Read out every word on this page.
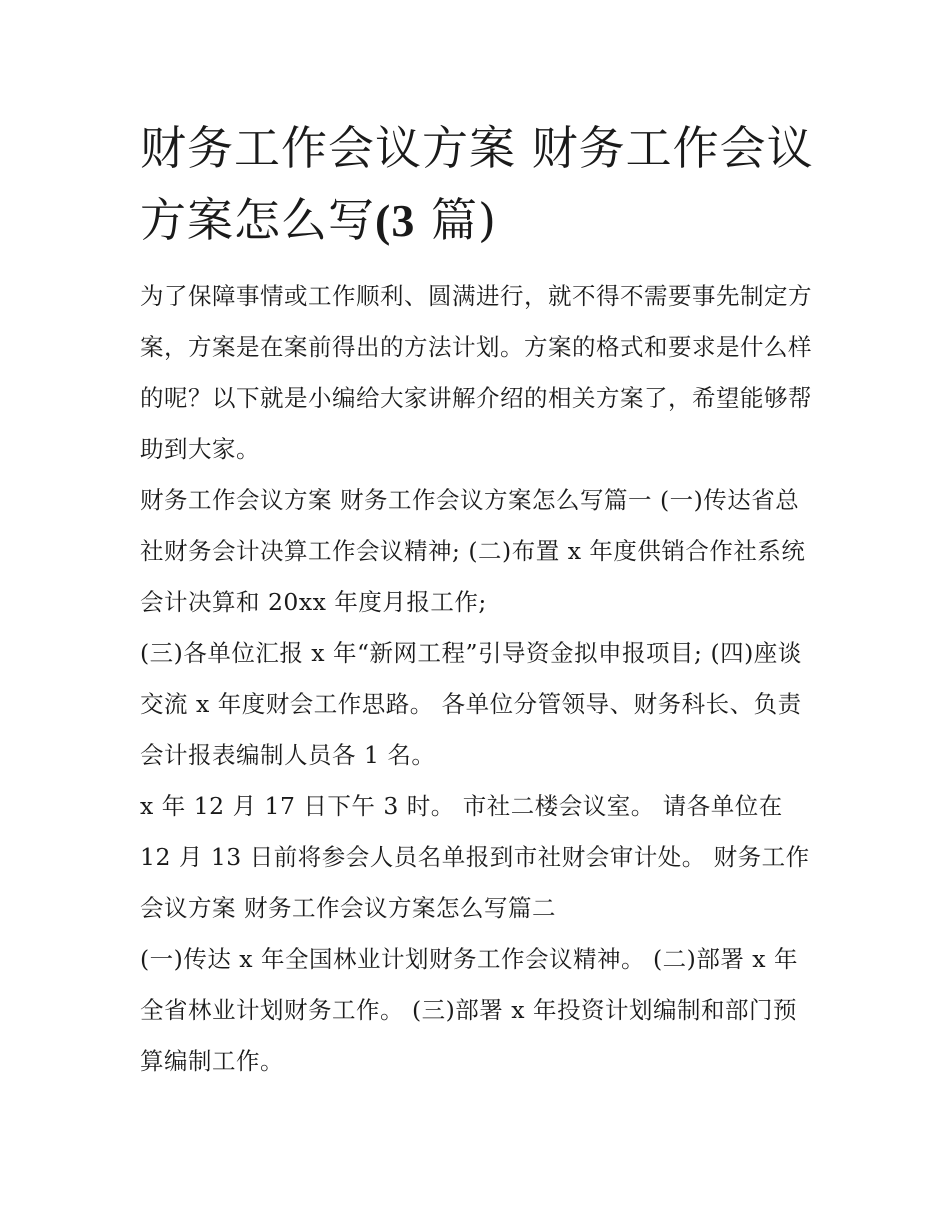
财务工作会议方案 财务工作会议方案怎么写(3 篇)

为了保障事情或工作顺利、圆满进行，就不得不需要事先制定方案，方案是在案前得出的方法计划。方案的格式和要求是什么样的呢？以下就是小编给大家讲解介绍的相关方案了，希望能够帮助到大家。

财务工作会议方案 财务工作会议方案怎么写篇一 (一)传达省总社财务会计决算工作会议精神; (二)布置 x 年度供销合作社系统会计决算和 20xx 年度月报工作;

(三)各单位汇报 x 年“新网工程”引导资金拟申报项目; (四)座谈交流 x 年度财会工作思路。 各单位分管领导、财务科长、负责会计报表编制人员各 1 名。

x 年 12 月 17 日下午 3 时。 市社二楼会议室。 请各单位在 12 月 13 日前将参会人员名单报到市社财会审计处。 财务工作会议方案 财务工作会议方案怎么写篇二

(一)传达 x 年全国林业计划财务工作会议精神。 (二)部署 x 年全省林业计划财务工作。 (三)部署 x 年投资计划编制和部门预算编制工作。
